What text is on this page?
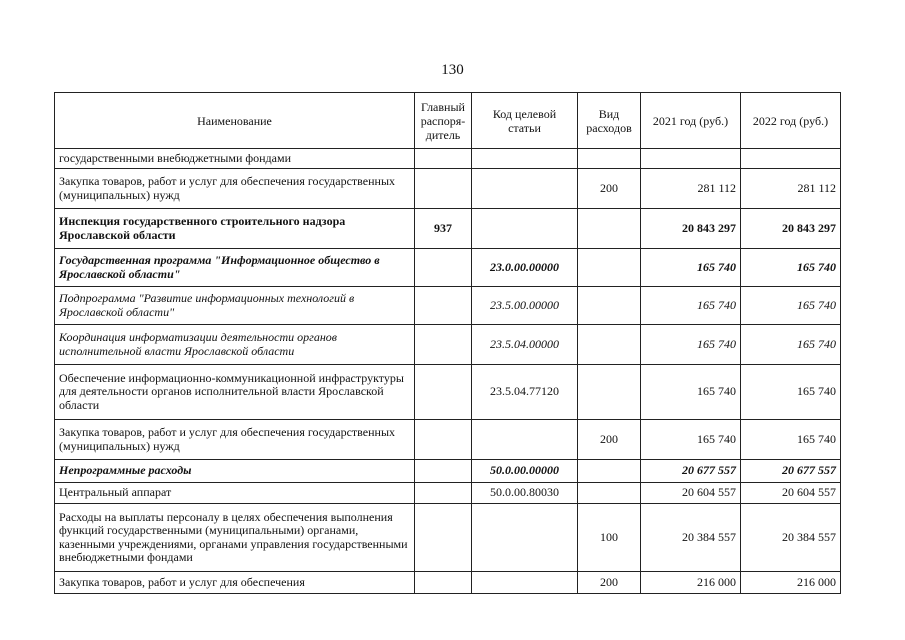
130
Наименование	Главный распоря-дитель	Код целевой статьи	Вид расходов	2021 год (руб.)	2022 год (руб.)
государственными внебюджетными фондами					
Закупка товаров, работ и услуг для обеспечения государственных (муниципальных) нужд			200	281 112	281 112
Инспекция государственного строительного надзора Ярославской области	937			20 843 297	20 843 297
Государственная программа "Информационное общество в Ярославской области"		23.0.00.00000		165 740	165 740
Подпрограмма "Развитие информационных технологий в Ярославской области"		23.5.00.00000		165 740	165 740
Координация информатизации деятельности органов исполнительной власти Ярославской области		23.5.04.00000		165 740	165 740
Обеспечение информационно-коммуникационной инфраструктуры для деятельности органов исполнительной власти Ярославской области		23.5.04.77120		165 740	165 740
Закупка товаров, работ и услуг для обеспечения государственных (муниципальных) нужд			200	165 740	165 740
Непрограммные расходы		50.0.00.00000		20 677 557	20 677 557
Центральный аппарат		50.0.00.80030		20 604 557	20 604 557
Расходы на выплаты персоналу в целях обеспечения выполнения функций государственными (муниципальными) органами, казенными учреждениями, органами управления государственными внебюджетными фондами			100	20 384 557	20 384 557
Закупка товаров, работ и услуг для обеспечения			200	216 000	216 000
